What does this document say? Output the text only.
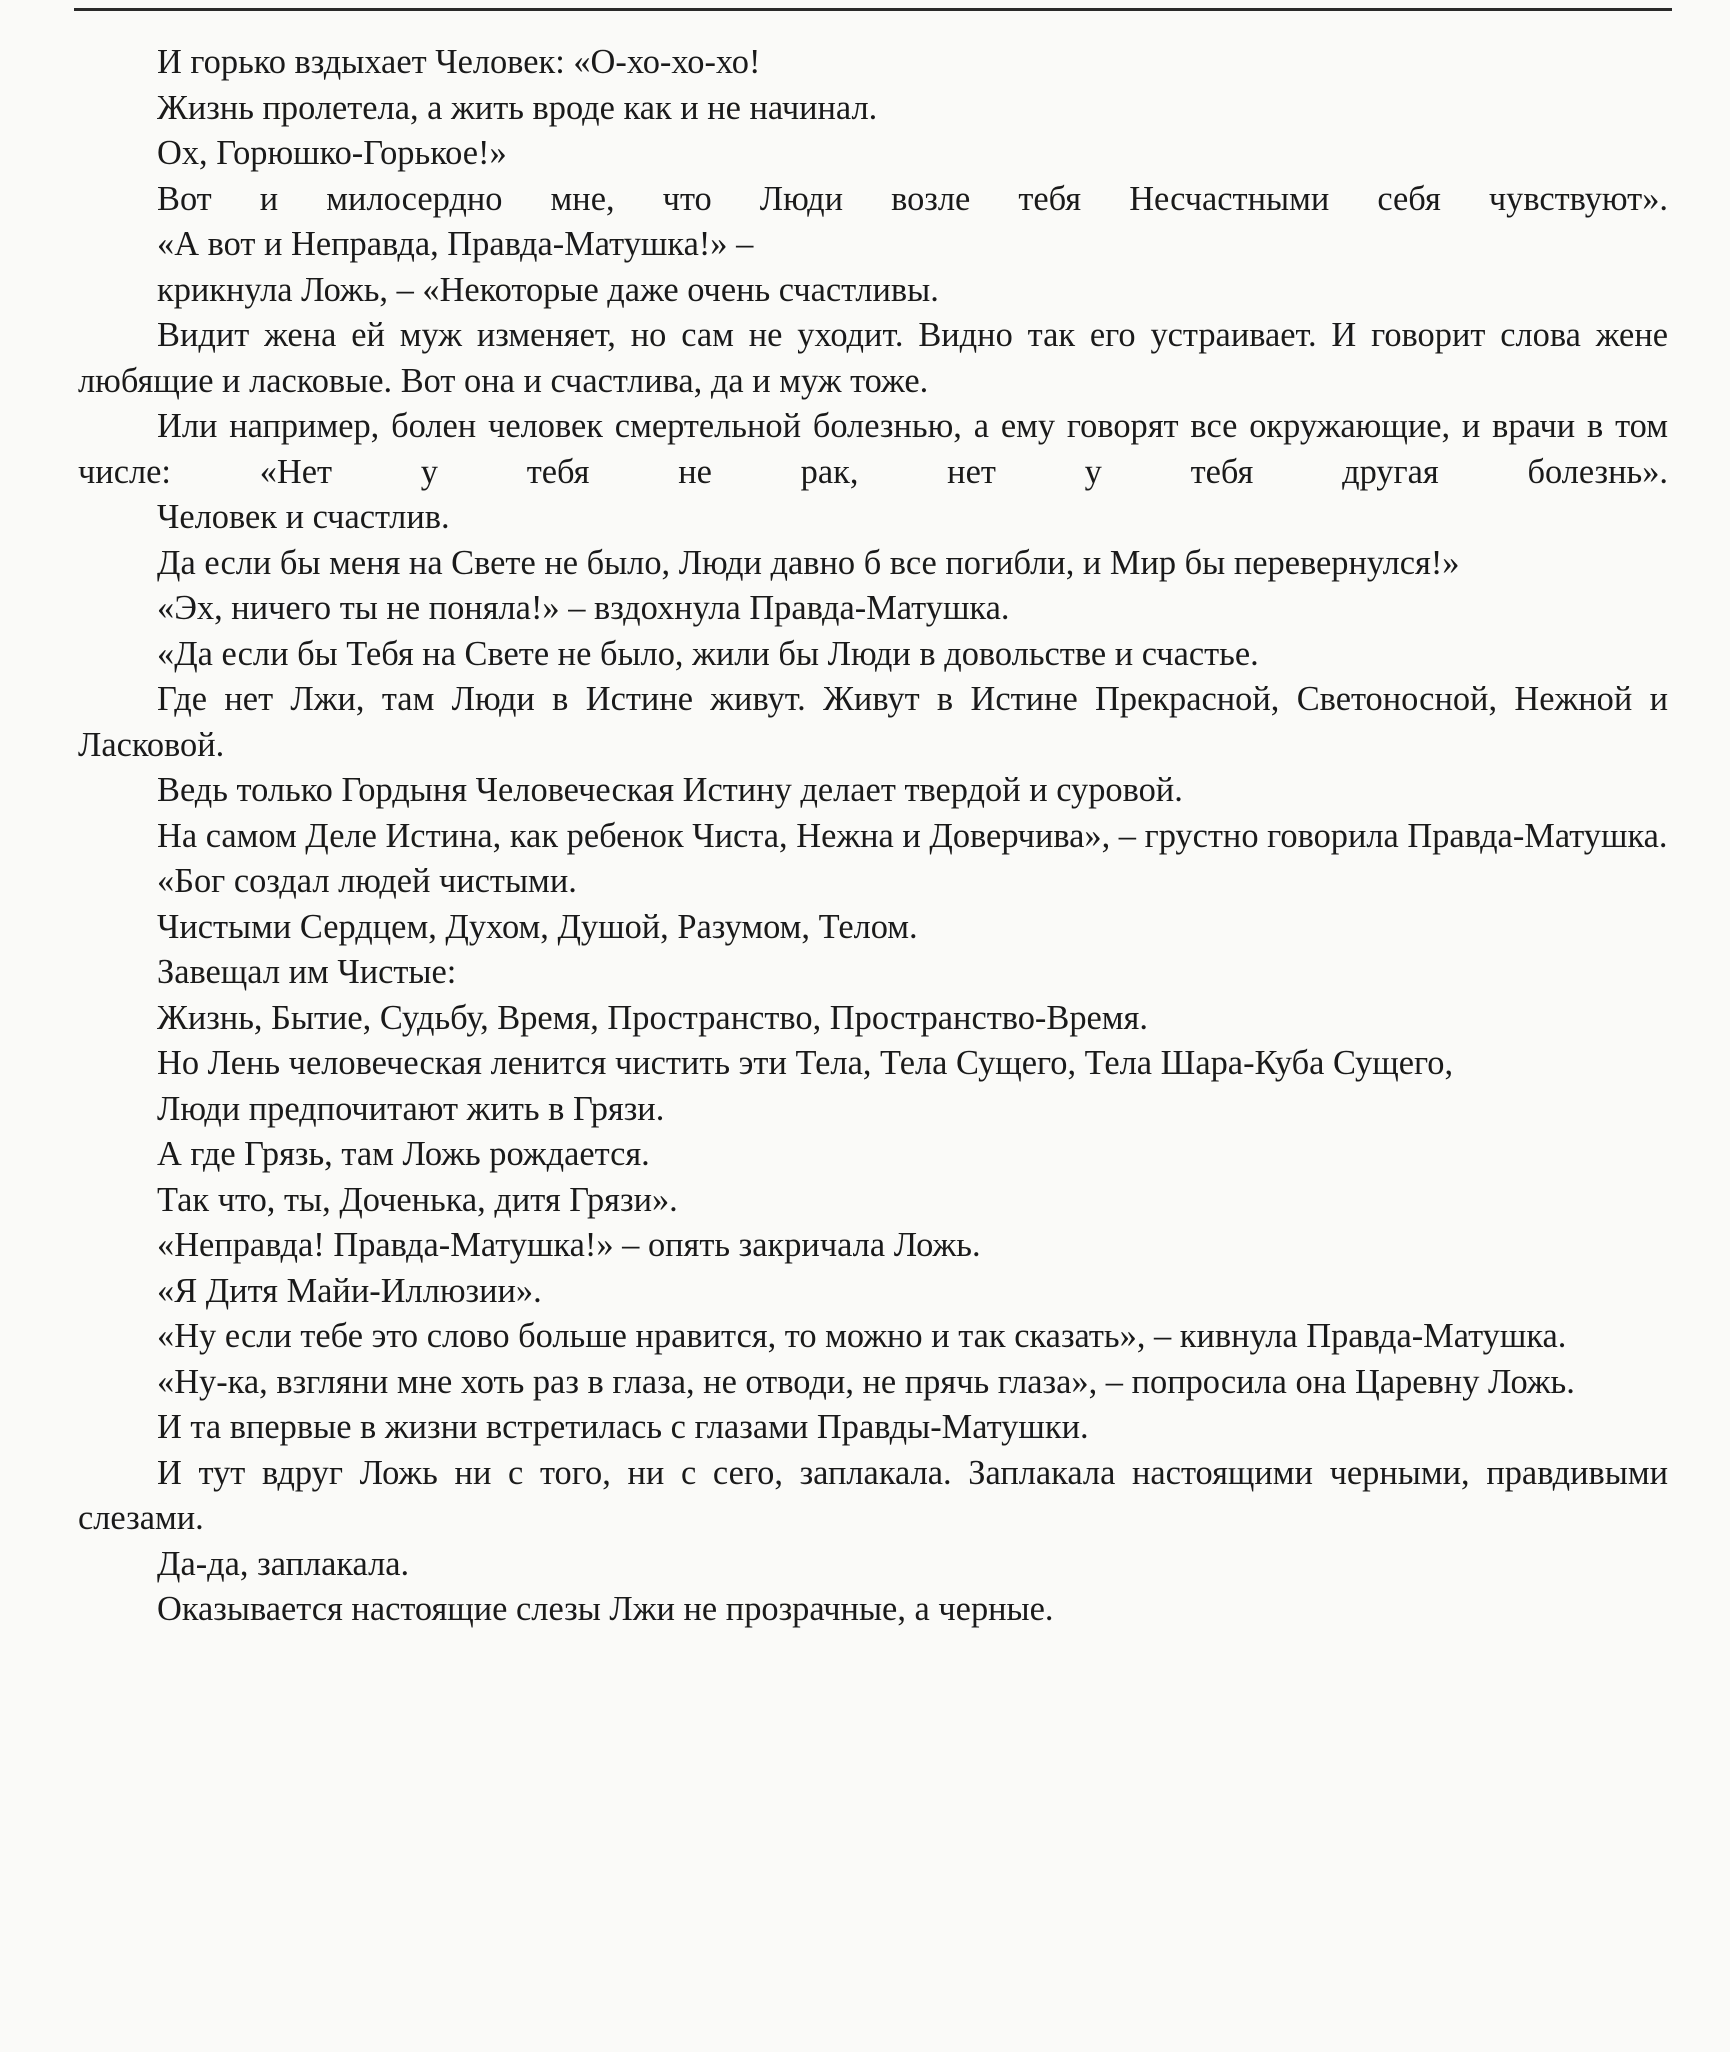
И горько вздыхает Человек: «О-хо-хо-хо!

Жизнь пролетела, а жить вроде как и не начинал.

Ох, Горюшко-Горькое!»

Вот и милосердно мне, что Люди возле тебя Несчастными себя чувствуют».

«А вот и Неправда, Правда-Матушка!» –

крикнула Ложь, – «Некоторые даже очень счастливы.

Видит жена ей муж изменяет, но сам не уходит. Видно так его устраивает. И говорит слова жене любящие и ласковые. Вот она и счастлива, да и муж тоже.

Или например, болен человек смертельной болезнью, а ему говорят все окружающие, и врачи в том числе: «Нет у тебя не рак, нет у тебя другая болезнь».

Человек и счастлив.

Да если бы меня на Свете не было, Люди давно б все погибли, и Мир бы перевернулся!»

«Эх, ничего ты не поняла!» – вздохнула Правда-Матушка.

«Да если бы Тебя на Свете не было, жили бы Люди в довольстве и счастье.

Где нет Лжи, там Люди в Истине живут. Живут в Истине Прекрасной, Светоносной, Нежной и Ласковой.

Ведь только Гордыня Человеческая Истину делает твердой и суровой.

На самом Деле Истина, как ребенок Чиста, Нежна и Доверчива», – грустно говорила Правда-Матушка.

«Бог создал людей чистыми.

Чистыми Сердцем, Духом, Душой, Разумом, Телом.

Завещал им Чистые:

Жизнь, Бытие, Судьбу, Время, Пространство, Пространство-Время.

Но Лень человеческая ленится чистить эти Тела, Тела Сущего, Тела Шара-Куба Сущего,

Люди предпочитают жить в Грязи.

А где Грязь, там Ложь рождается.

Так что, ты, Доченька, дитя Грязи».

«Неправда! Правда-Матушка!» – опять закричала Ложь.

«Я Дитя Майи-Иллюзии».

«Ну если тебе это слово больше нравится, то можно и так сказать», – кивнула Правда-Матушка.

«Ну-ка, взгляни мне хоть раз в глаза, не отводи, не прячь глаза», – попросила она Царевну Ложь.

И та впервые в жизни встретилась с глазами Правды-Матушки.

И тут вдруг Ложь ни с того, ни с сего, заплакала. Заплакала настоящими черными, правдивыми слезами.

Да-да, заплакала.

Оказывается настоящие слезы Лжи не прозрачные, а черные.
